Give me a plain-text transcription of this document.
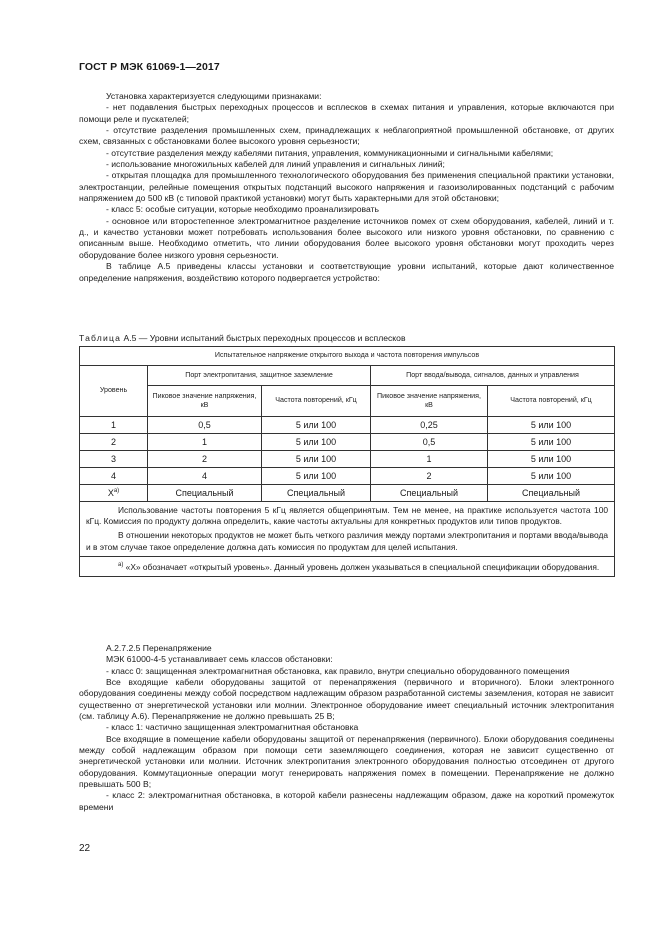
ГОСТ Р МЭК 61069-1—2017

Установка характеризуется следующими признаками:

- нет подавления быстрых переходных процессов и всплесков в схемах питания и управления, которые включаются при помощи реле и пускателей;

- отсутствие разделения промышленных схем, принадлежащих к неблагоприятной промышленной обстановке, от других схем, связанных с обстановками более высокого уровня серьезности;

- отсутствие разделения между кабелями питания, управления, коммуникационными и сигнальными кабелями;

- использование многожильных кабелей для линий управления и сигнальных линий;

- открытая площадка для промышленного технологического оборудования без применения специальной практики установки, электростанции, релейные помещения открытых подстанций высокого напряжения и газоизолированных подстанций с рабочим напряжением до 500 кВ (с типовой практикой установки) могут быть характерными для этой обстановки;

- класс 5: особые ситуации, которые необходимо проанализировать

- основное или второстепенное электромагнитное разделение источников помех от схем оборудования, кабелей, линий и т. д., и качество установки может потребовать использования более высокого или низкого уровня обстановки, по сравнению с описанным выше. Необходимо отметить, что линии оборудования более высокого уровня обстановки могут проходить через оборудование более низкого уровня серьезности.

В таблице А.5 приведены классы установки и соответствующие уровни испытаний, которые дают количественное определение напряжения, воздействию которого подвергается устройство:

Таблица А.5 — Уровни испытаний быстрых переходных процессов и всплесков
Испытательное напряжение открытого выхода и частота повторения импульсов				
Уровень	Порт электропитания, защитное заземление		Порт ввода/вывода, сигналов, данных и управления	
	Пиковое значение напряжения, кВ	Частота повторений, кГц	Пиковое значение напряжения, кВ	Частота повторений, кГц
1	0,5	5 или 100	0,25	5 или 100
2	1	5 или 100	0,5	5 или 100
3	2	5 или 100	1	5 или 100
4	4	5 или 100	2	5 или 100
$X^{а)}$	Специальный	Специальный	Специальный	Специальный

Использование частоты повторения 5 кГц является общепринятым. Тем не менее, на практике используется частота 100 кГц. Комиссия по продукту должна определить, какие частоты актуальны для конкретных продуктов или типов продуктов.

В отношении некоторых продуктов не может быть четкого различия между портами электропитания и портами ввода/вывода и в этом случае такое определение должна дать комиссия по продуктам для целей испытания.				

$^{а)}$ «X» обозначает «открытый уровень». Данный уровень должен указываться в специальной спецификации оборудования.				

А.2.7.2.5 Перенапряжение

МЭК 61000-4-5 устанавливает семь классов обстановки:

- класс 0: защищенная электромагнитная обстановка, как правило, внутри специально оборудованного помещения

Все входящие кабели оборудованы защитой от перенапряжения (первичного и вторичного). Блоки электронного оборудования соединены между собой посредством надлежащим образом разработанной системы заземления, которая не зависит существенно от энергетической установки или молнии. Электронное оборудование имеет специальный источник электропитания (см. таблицу А.6). Перенапряжение не должно превышать 25 В;

- класс 1: частично защищенная электромагнитная обстановка

Все входящие в помещение кабели оборудованы защитой от перенапряжения (первичного). Блоки оборудования соединены между собой надлежащим образом при помощи сети заземляющего соединения, которая не зависит существенно от энергетической установки или молнии. Источник электропитания электронного оборудования полностью отсоединен от другого оборудования. Коммутационные операции могут генерировать напряжения помех в помещении. Перенапряжение не должно превышать 500 В;

- класс 2: электромагнитная обстановка, в которой кабели разнесены надлежащим образом, даже на короткий промежуток времени

22
